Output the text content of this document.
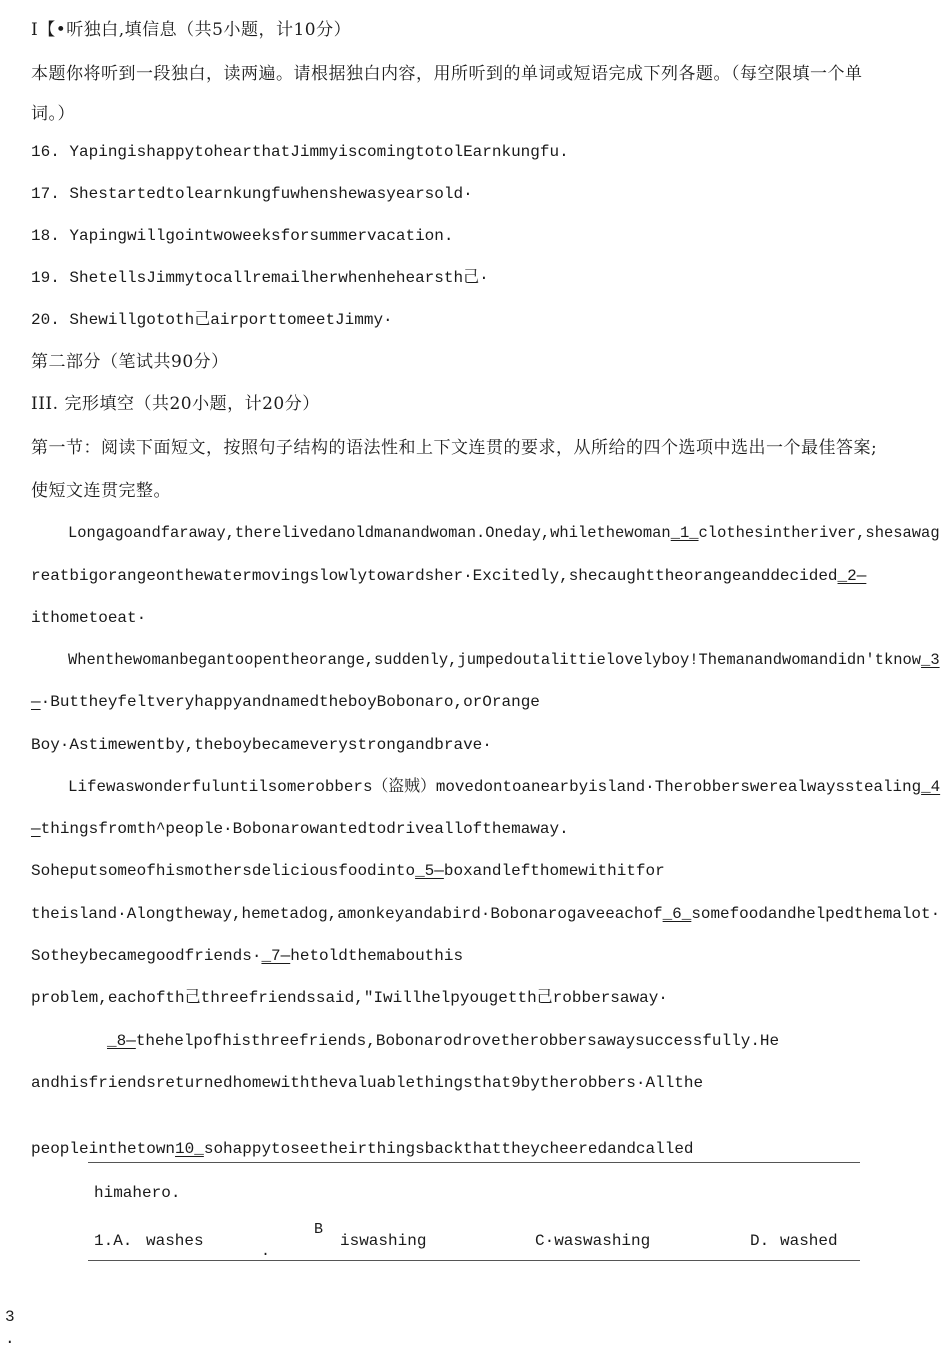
I【•听独白,填信息（共5小题，计10分）
本题你将听到一段独白，读两遍。请根据独白内容，用所听到的单词或短语完成下列各题。（每空限填一个单
词。）
16. YapingishappytohearthatJimmyiscomingtotolEarnkungfu.
17. Shestartedtolearnkungfuwhenshewasyearsold·
18. Yapingwillgointwoweeksforsummervacation.
19. ShetellsJimmytocallremailherwhenhehearsth己·
20. Shewillgototh己airporttomeetJimmy·
第二部分（笔试共90分）
III. 完形填空（共20小题，计20分）
第一节：阅读下面短文，按照句子结构的语法性和上下文连贯的要求，从所给的四个选项中选出一个最佳答案;
使短文连贯完整。
Longagoandfaraway,therelivedanoldmanandwoman.Oneday,whilethewoman_1_clothesintheriver,shesawag
reatbigorangeonthewatermovingslowlytowardsher·Excitedly,shecaughttheorangeanddecided_2—
ithometoeat·
Whenthewomanbegantoopentheorange,suddenly,jumpedoutalittielovelyboy!Themanandwomandidn'tknow_3
—·ButtheyfeltveryhappyandnamedtheboyBobonaro,orOrange
Boy·Astimewentby,theboybecameverystrongandbrave·
Lifewaswonderfuluntilsomerobbers（盗贼）movedontoanearbyisland·Therobberswerealwaysstealing_4
—thingsfromth^people·Bobonarowantedtodriveallofthemaway.
Soheputsomeofhismothersdeliciousfoodinto_5—boxandlefthomewithitfor
theisland·Alongtheway,hemetadog,amonkeyandabird·Bobonarogaveeachof_6_somefoodandhelpedthemalot·
Sotheybecamegoodfriends·_7—hetoldthemabouthis
problem,eachofth己threefriendssaid,"Iwillhelpyougetth己robbersaway·
_8—thehelpofhisthreefriends,Bobonarodrovetherobbersawaysuccessfully.He
andhisfriendsreturnedhomewiththevaluablethingsthat9bytherobbers·Allthe
peopleinthetown10_sohappytoseetheirthingsbackthattheycheeredandcalled
himahero.
1.A. washes
B
.
iswashing	C·waswashing	D. washed
3
.
